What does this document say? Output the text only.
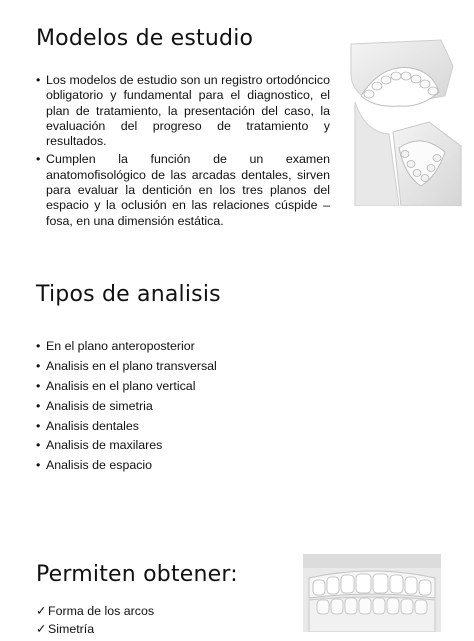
Modelos de estudio
• Los modelos de estudio son un registro ortodóncico obligatorio y fundamental para el diagnostico, el plan de tratamiento, la presentación del caso, la evaluación del progreso de tratamiento y resultados.
• Cumplen la función de un examen anatomofisológico de las arcadas dentales, sirven para evaluar la dentición en los tres planos del espacio y la oclusión en las relaciones cúspide – fosa, en una dimensión estática.
Tipos de analisis
• En el plano anteroposterior
• Analisis en el plano transversal
• Analisis en el plano vertical
• Analisis de simetria
• Analisis dentales
• Analisis de maxilares
• Analisis de espacio
Permiten obtener:
✓ Forma de los arcos
✓ Simetría
